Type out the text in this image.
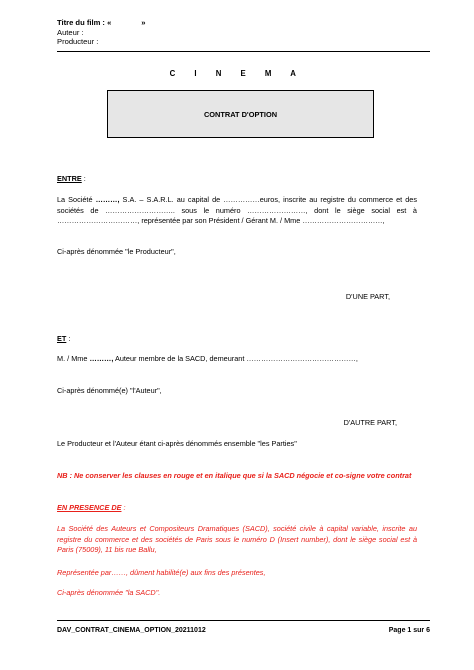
Titre du film : «	»
Auteur :
Producteur :
C I N E M A
CONTRAT D'OPTION
ENTRE :
La Société ………, S.A. – S.A.R.L. au capital de ……………euros, inscrite au registre du commerce et des sociétés de ……………………….. sous le numéro ……………………, dont le siège social est à ……………………………, représentée par son Président / Gérant M. / Mme ……………………………,
Ci-après dénommée "le Producteur",
D'UNE PART,
ET :
M. / Mme ………, Auteur membre de la SACD, demeurant ………………………………………,
Ci-après dénommé(e) "l'Auteur",
D'AUTRE PART,
Le Producteur et l'Auteur étant ci-après dénommés ensemble "les Parties"
NB : Ne conserver les clauses en rouge et en italique que si la SACD négocie et co-signe votre contrat
EN PRESENCE DE :
La Société des Auteurs et Compositeurs Dramatiques (SACD), société civile à capital variable, inscrite au registre du commerce et des sociétés de Paris sous le numéro D (Insert number), dont le siège social est à Paris (75009), 11 bis rue Ballu,
Représentée par……, dûment habilité(e) aux fins des présentes,
Ci-après dénommée "la SACD".
DAV_CONTRAT_CINEMA_OPTION_20211012	Page 1 sur 6
